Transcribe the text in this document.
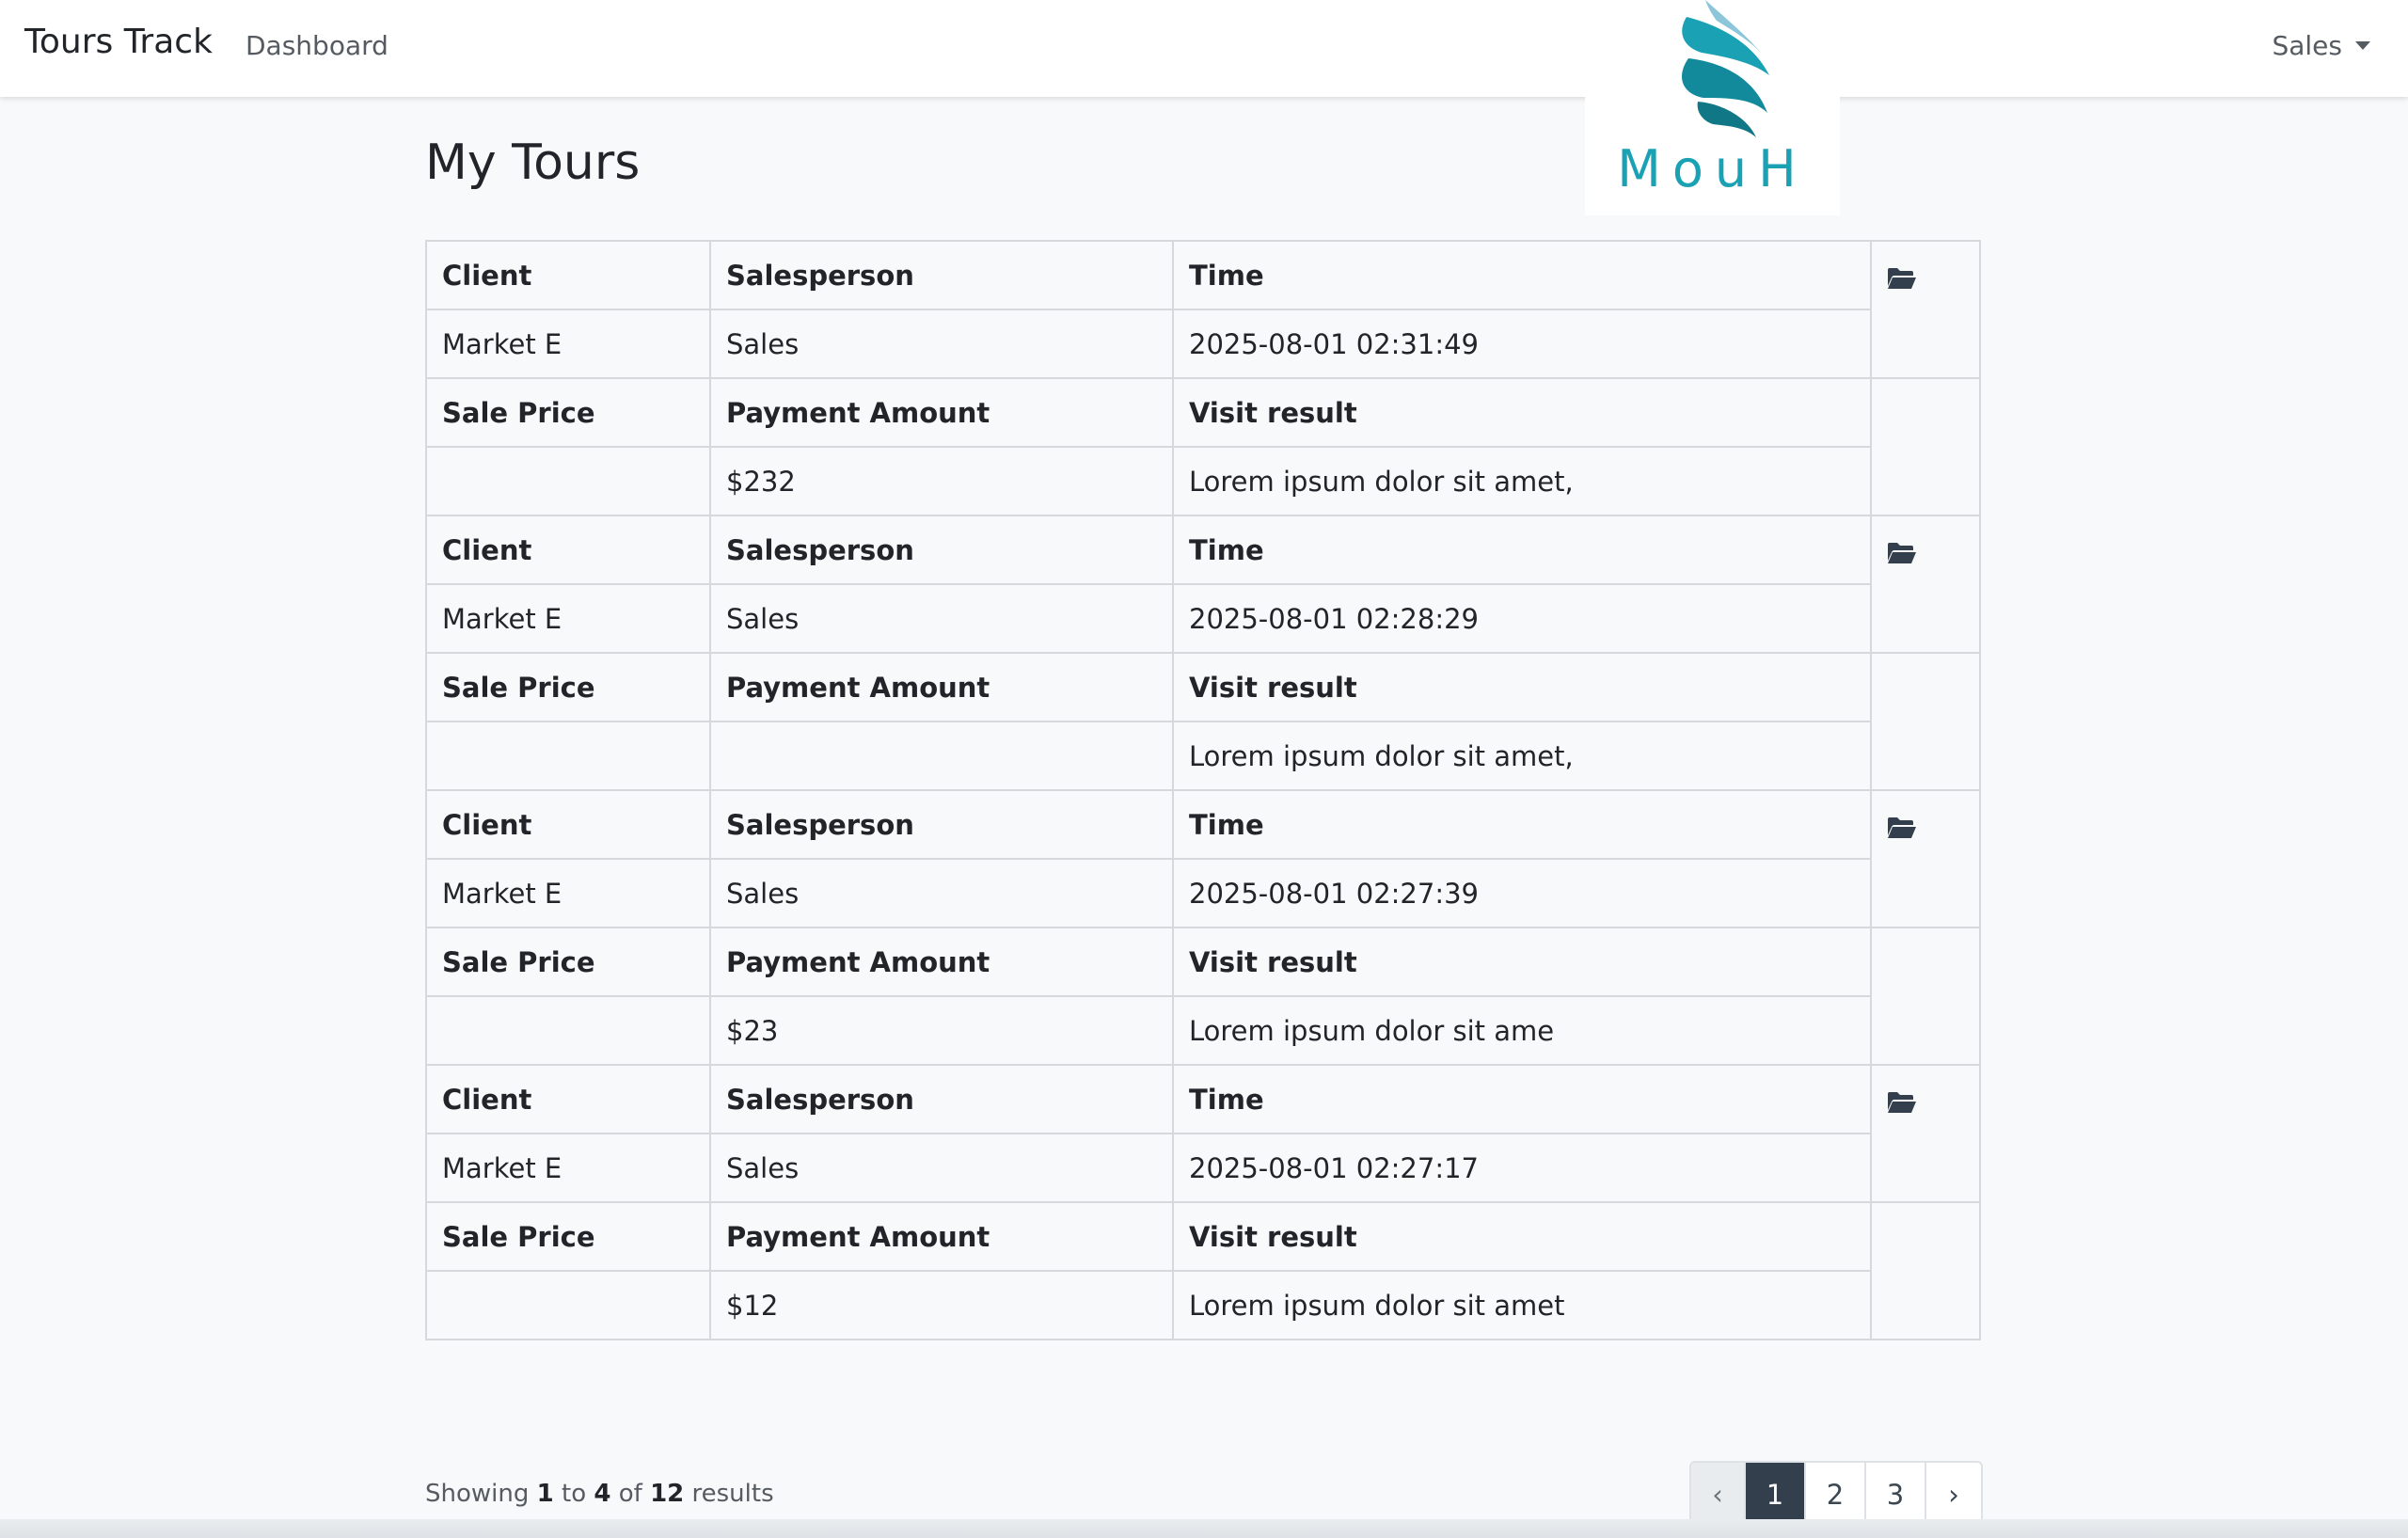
Tours Track Dashboard	Sales
MouH
My Tours
Client	Salesperson	Time	
Market E	Sales	2025-08-01 02:31:49	
Sale Price	Payment Amount	Visit result	
	$232	Lorem ipsum dolor sit amet,	
Client	Salesperson	Time	
Market E	Sales	2025-08-01 02:28:29	
Sale Price	Payment Amount	Visit result	
		Lorem ipsum dolor sit amet,	
Client	Salesperson	Time	
Market E	Sales	2025-08-01 02:27:39	
Sale Price	Payment Amount	Visit result	
	$23	Lorem ipsum dolor sit ame	
Client	Salesperson	Time	
Market E	Sales	2025-08-01 02:27:17	
Sale Price	Payment Amount	Visit result	
	$12	Lorem ipsum dolor sit amet	
Showing 1 to 4 of 12 results	‹	1	2	3	›
